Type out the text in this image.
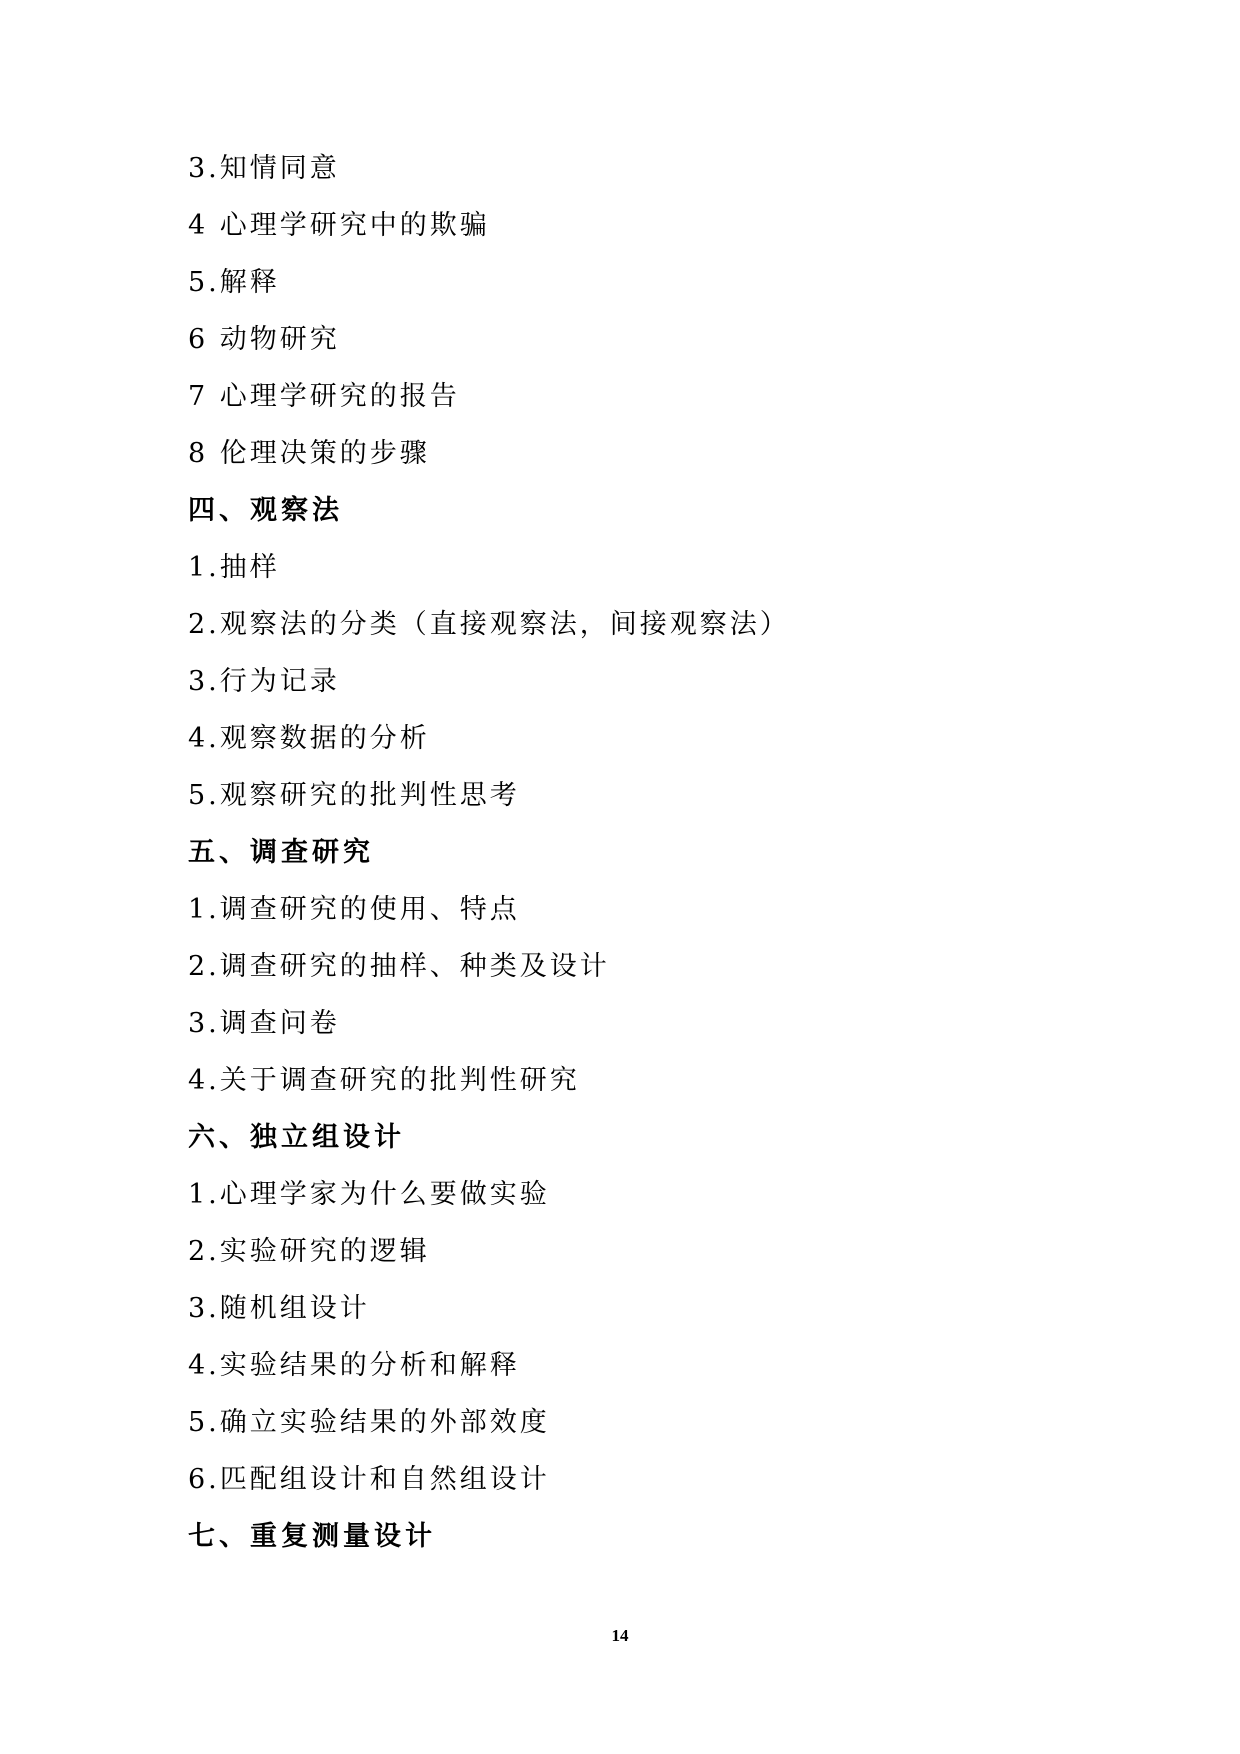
3.知情同意
4 心理学研究中的欺骗
5.解释
6 动物研究
7 心理学研究的报告
8 伦理决策的步骤
四、观察法
1.抽样
2.观察法的分类（直接观察法，间接观察法）
3.行为记录
4.观察数据的分析
5.观察研究的批判性思考
五、调查研究
1.调查研究的使用、特点
2.调查研究的抽样、种类及设计
3.调查问卷
4.关于调查研究的批判性研究
六、独立组设计
1.心理学家为什么要做实验
2.实验研究的逻辑
3.随机组设计
4.实验结果的分析和解释
5.确立实验结果的外部效度
6.匹配组设计和自然组设计
七、重复测量设计
14
